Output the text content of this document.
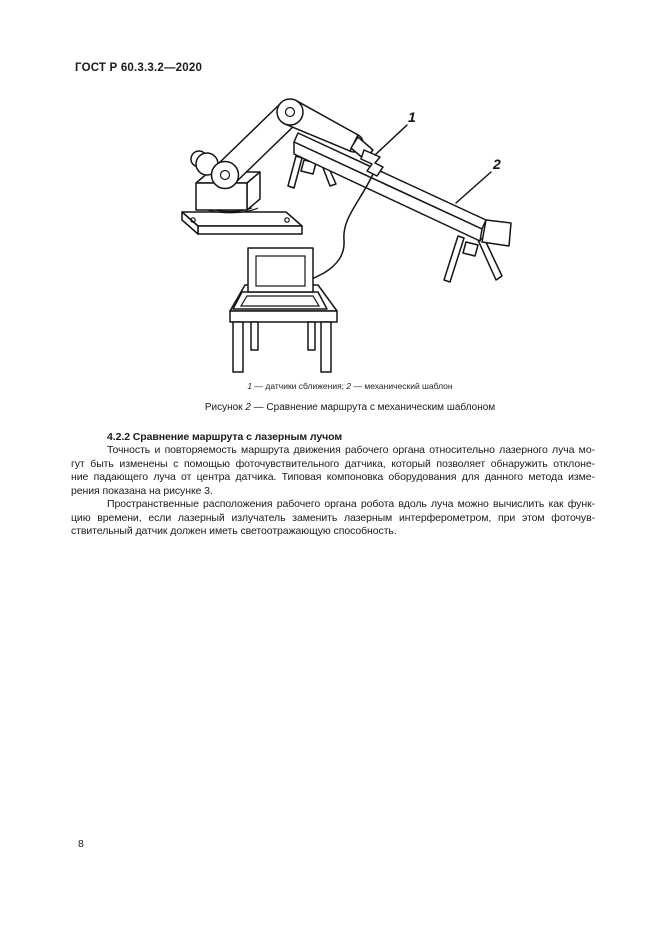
ГОСТ Р 60.3.3.2—2020
1
2
1 — датчики сближения; 2 — механический шаблон
Рисунок 2 — Сравнение маршрута с механическим шаблоном
4.2.2 Сравнение маршрута с лазерным лучом
Точность и повторяемость маршрута движения рабочего органа относительно лазерного луча мо-
гут быть изменены с помощью фоточувствительного датчика, который позволяет обнаружить отклоне-
ние падающего луча от центра датчика. Типовая компоновка оборудования для данного метода изме-
рения показана на рисунке 3.
Пространственные расположения рабочего органа робота вдоль луча можно вычислить как функ-
цию времени, если лазерный излучатель заменить лазерным интерферометром, при этом фоточув-
ствительный датчик должен иметь светоотражающую способность.
8
